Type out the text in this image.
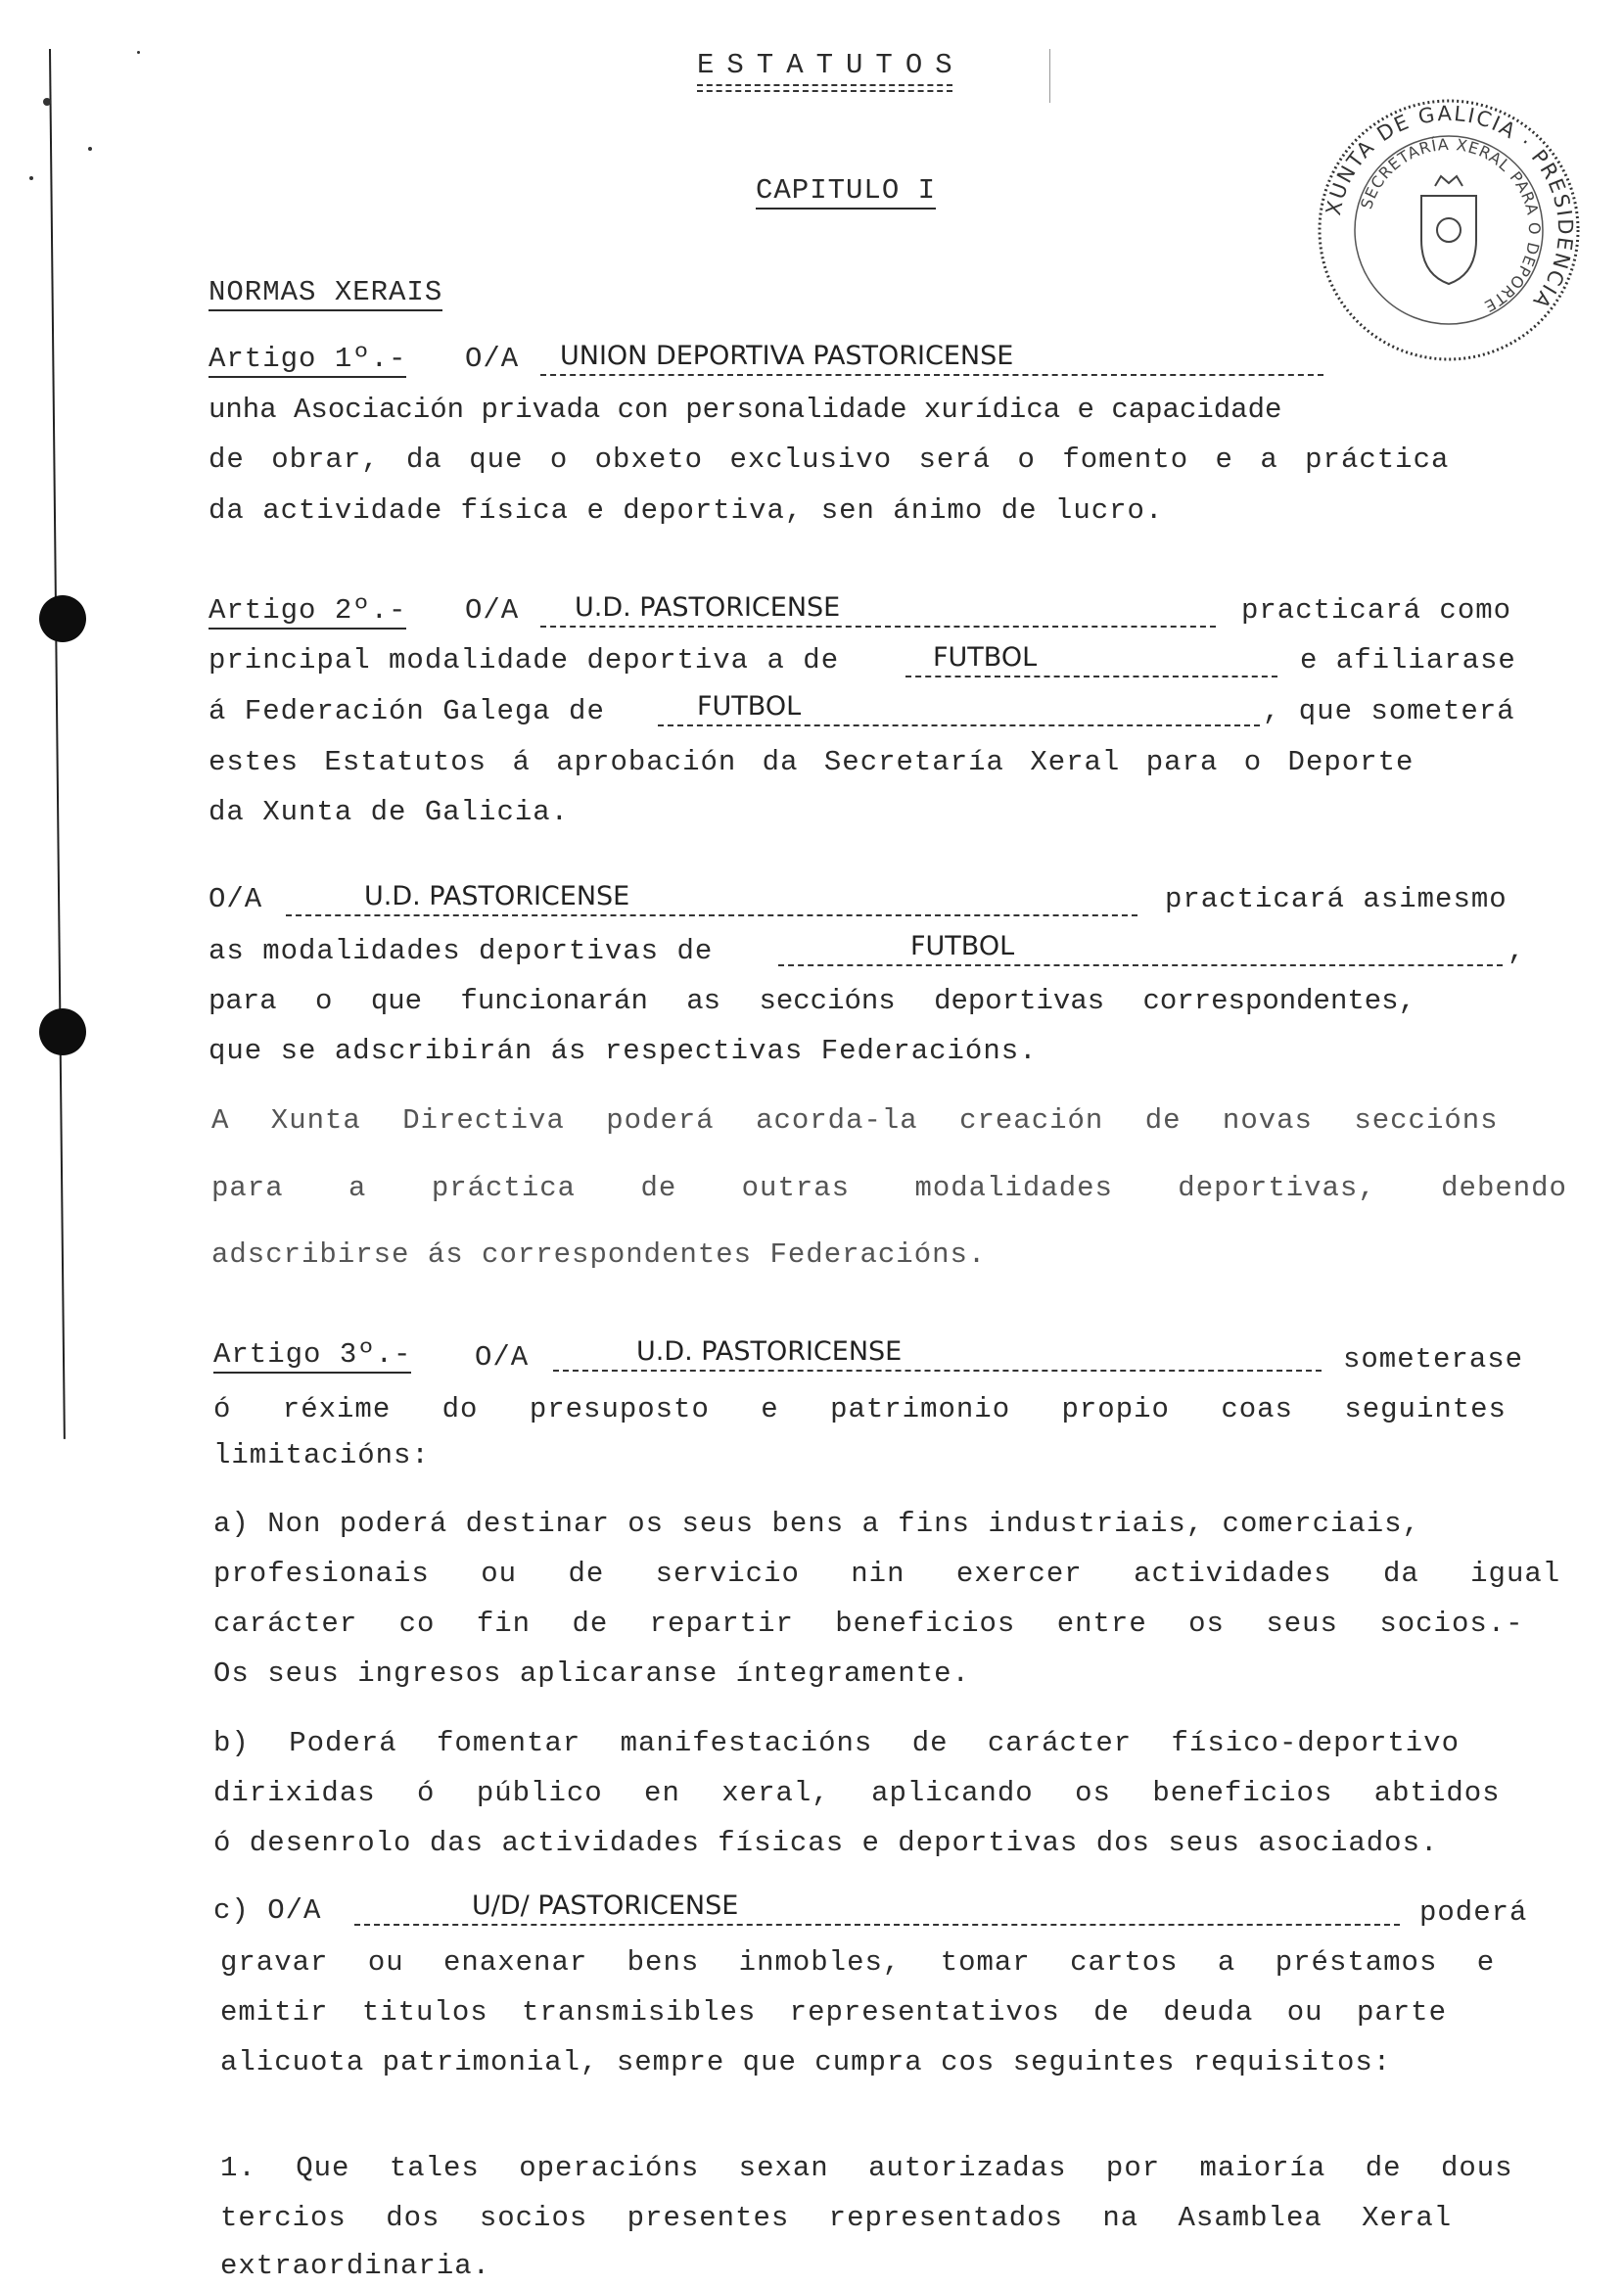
ESTATUTOS
CAPITULO I
NORMAS XERAIS
XUNTA DE GALICIA · PRESIDENCIA
SECRETARÍA XERAL PARA O DEPORTE
Artigo 1º.- O/A	UNION DEPORTIVA PASTORICENSE
unha Asociación privada con personalidade xurídica e capacidade
de obrar, da que o obxeto exclusivo será o fomento e a práctica
da actividade física e deportiva, sen ánimo de lucro.
Artigo 2º.- O/A	U.D. PASTORICENSE	practicará como
principal modalidade deportiva a de	FUTBOL	e afiliarase
á Federación Galega de	FUTBOL	, que someterá
estes Estatutos á aprobación da Secretaría Xeral para o Deporte
da Xunta de Galicia.
O/A	U.D. PASTORICENSE	practicará asimesmo
as modalidades deportivas de	FUTBOL	,
para o que funcionarán as seccións deportivas correspondentes,
que se adscribirán ás respectivas Federacións.
A Xunta Directiva poderá acorda-la creación de novas seccións
para a práctica de outras modalidades deportivas, debendo
adscribirse ás correspondentes Federacións.
Artigo 3º.- O/A	U.D. PASTORICENSE	someterase
ó réxime do presuposto e patrimonio propio coas seguintes
limitacións:
a) Non poderá destinar os seus bens a fins industriais, comerciais,
profesionais ou de servicio nin exercer actividades da igual
carácter co fin de repartir beneficios entre os seus socios.-
Os seus ingresos aplicaranse íntegramente.
b) Poderá fomentar manifestacións de carácter físico-deportivo
dirixidas ó público en xeral, aplicando os beneficios abtidos
ó desenrolo das actividades físicas e deportivas dos seus asociados.
c) O/A	U/D/ PASTORICENSE	poderá
gravar ou enaxenar bens inmobles, tomar cartos a préstamos e
emitir titulos transmisibles representativos de deuda ou parte
alicuota patrimonial, sempre que cumpra cos seguintes requisitos:
1. Que tales operacións sexan autorizadas por maioría de dous
tercios dos socios presentes representados na Asamblea Xeral
extraordinaria.
